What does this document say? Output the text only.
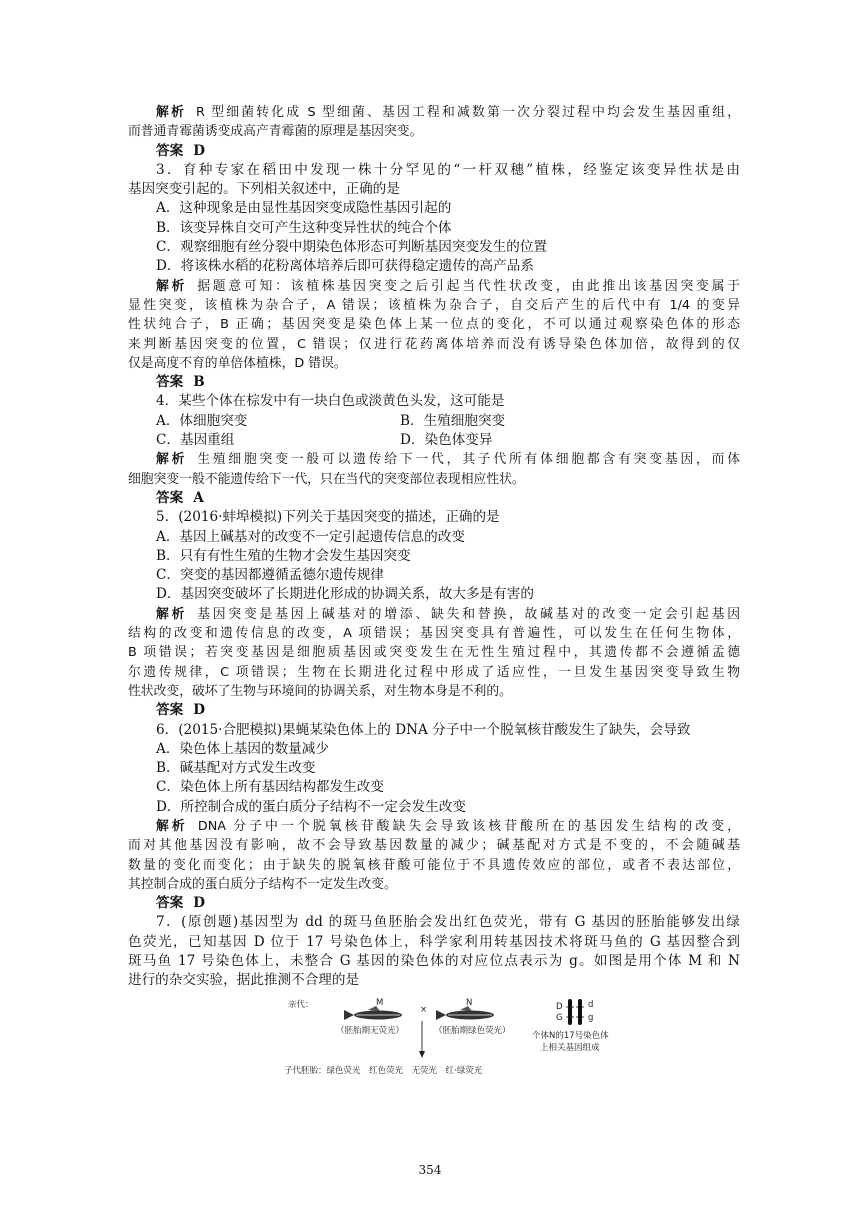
解析 R 型细菌转化成 S 型细菌、基因工程和减数第一次分裂过程中均会发生基因重组，
而普通青霉菌诱变成高产青霉菌的原理是基因突变。
答案 D
3．育种专家在稻田中发现一株十分罕见的“一杆双穗”植株，经鉴定该变异性状是由
基因突变引起的。下列相关叙述中，正确的是
A．这种现象是由显性基因突变成隐性基因引起的
B．该变异株自交可产生这种变异性状的纯合个体
C．观察细胞有丝分裂中期染色体形态可判断基因突变发生的位置
D．将该株水稻的花粉离体培养后即可获得稳定遗传的高产品系
解析 据题意可知：该植株基因突变之后引起当代性状改变，由此推出该基因突变属于
显性突变，该植株为杂合子，A 错误；该植株为杂合子，自交后产生的后代中有 1/4 的变异
性状纯合子，B 正确；基因突变是染色体上某一位点的变化，不可以通过观察染色体的形态
来判断基因突变的位置，C 错误；仅进行花药离体培养而没有诱导染色体加倍，故得到的仅
仅是高度不育的单倍体植株，D 错误。
答案 B
4．某些个体在棕发中有一块白色或淡黄色头发，这可能是
A．体细胞突变	B．生殖细胞突变
C．基因重组	D．染色体变异
解析 生殖细胞突变一般可以遗传给下一代，其子代所有体细胞都含有突变基因，而体
细胞突变一般不能遗传给下一代，只在当代的突变部位表现相应性状。
答案 A
5．(2016·蚌埠模拟)下列关于基因突变的描述，正确的是
A．基因上碱基对的改变不一定引起遗传信息的改变
B．只有有性生殖的生物才会发生基因突变
C．突变的基因都遵循孟德尔遗传规律
D．基因突变破坏了长期进化形成的协调关系，故大多是有害的
解析 基因突变是基因上碱基对的增添、缺失和替换，故碱基对的改变一定会引起基因
结构的改变和遗传信息的改变，A 项错误；基因突变具有普遍性，可以发生在任何生物体，
B 项错误；若突变基因是细胞质基因或突变发生在无性生殖过程中，其遗传都不会遵循孟德
尔遗传规律，C 项错误；生物在长期进化过程中形成了适应性，一旦发生基因突变导致生物
性状改变，破坏了生物与环境间的协调关系，对生物本身是不利的。
答案 D
6．(2015·合肥模拟)果蝇某染色体上的 DNA 分子中一个脱氧核苷酸发生了缺失，会导致
A．染色体上基因的数量减少
B．碱基配对方式发生改变
C．染色体上所有基因结构都发生改变
D．所控制合成的蛋白质分子结构不一定会发生改变
解析 DNA 分子中一个脱氧核苷酸缺失会导致该核苷酸所在的基因发生结构的改变，
而对其他基因没有影响，故不会导致基因数量的减少；碱基配对方式是不变的，不会随碱基
数量的变化而变化；由于缺失的脱氧核苷酸可能位于不具遗传效应的部位，或者不表达部位，
其控制合成的蛋白质分子结构不一定发生改变。
答案 D
7．(原创题)基因型为 dd 的斑马鱼胚胎会发出红色荧光，带有 G 基因的胚胎能够发出绿
色荧光，已知基因 D 位于 17 号染色体上，科学家利用转基因技术将斑马鱼的 G 基因整合到
斑马鱼 17 号染色体上，未整合 G 基因的染色体的对应位点表示为 g。如图是用个体 M 和 N
进行的杂交实验，据此推测不合理的是
亲代：	M
×
N
（胚胎期无荧光）	（胚胎期绿色荧光）
D
G
d
g
个体N的17号染色体
上相关基因组成
子代胚胎：绿色荧光　红色荧光　无荧光　红·绿荧光
354
